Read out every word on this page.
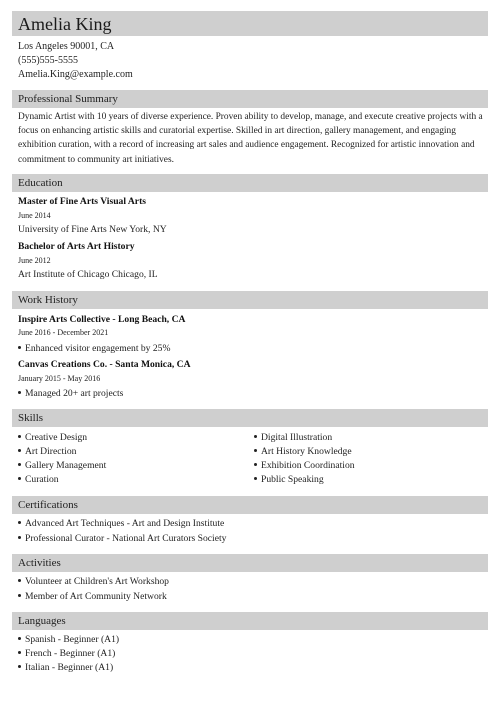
Amelia King
Los Angeles 90001, CA
(555)555-5555
Amelia.King@example.com
Professional Summary
Dynamic Artist with 10 years of diverse experience. Proven ability to develop, manage, and execute creative projects with a focus on enhancing artistic skills and curatorial expertise. Skilled in art direction, gallery management, and engaging exhibition curation, with a record of increasing art sales and audience engagement. Recognized for artistic innovation and commitment to community art initiatives.
Education
Master of Fine Arts Visual Arts
June 2014
University of Fine Arts New York, NY
Bachelor of Arts Art History
June 2012
Art Institute of Chicago Chicago, IL
Work History
Inspire Arts Collective - Long Beach, CA
June 2016 - December 2021
Enhanced visitor engagement by 25%
Canvas Creations Co. - Santa Monica, CA
January 2015 - May 2016
Managed 20+ art projects
Skills
Creative Design
Art Direction
Gallery Management
Curation
Digital Illustration
Art History Knowledge
Exhibition Coordination
Public Speaking
Certifications
Advanced Art Techniques - Art and Design Institute
Professional Curator - National Art Curators Society
Activities
Volunteer at Children's Art Workshop
Member of Art Community Network
Languages
Spanish - Beginner (A1)
French - Beginner (A1)
Italian - Beginner (A1)
